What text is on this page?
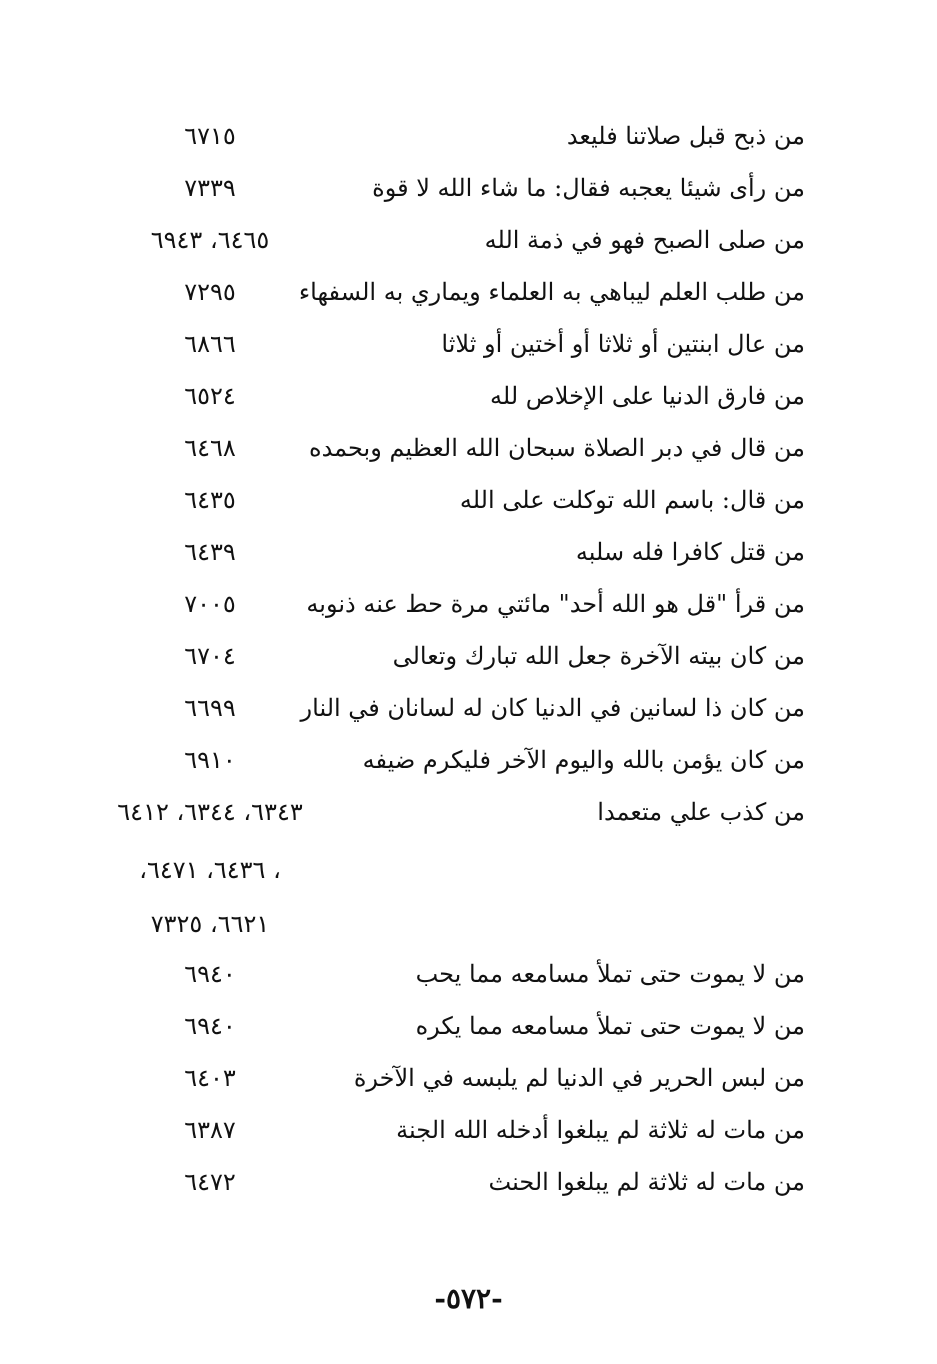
من ذبح قبل صلاتنا فليعد
٦٧١٥
من رأى شيئا يعجبه فقال: ما شاء الله لا قوة
٧٣٣٩
من صلى الصبح فهو في ذمة الله
٦٤٦٥، ٦٩٤٣
من طلب العلم ليباهي به العلماء ويماري به السفهاء
٧٢٩٥
من عال ابنتين أو ثلاثا أو أختين أو ثلاثا
٦٨٦٦
من فارق الدنيا على الإخلاص لله
٦٥٢٤
من قال في دبر الصلاة سبحان الله العظيم وبحمده
٦٤٦٨
من قال: باسم الله توكلت على الله
٦٤٣٥
من قتل كافرا فله سلبه
٦٤٣٩
من قرأ "قل هو الله أحد" مائتي مرة حط عنه ذنوبه
٧٠٠٥
من كان بيته الآخرة جعل الله تبارك وتعالى
٦٧٠٤
من كان ذا لسانين في الدنيا كان له لسانان في النار
٦٦٩٩
من كان يؤمن بالله واليوم الآخر فليكرم ضيفه
٦٩١٠
من كذب علي متعمدا
٦٣٤٣، ٦٣٤٤، ٦٤١٢
، ٦٤٣٦، ٦٤٧١،
٦٦٢١، ٧٣٢٥
من لا يموت حتى تملأ مسامعه مما يحب
٦٩٤٠
من لا يموت حتى تملأ مسامعه مما يكره
٦٩٤٠
من لبس الحرير في الدنيا لم يلبسه في الآخرة
٦٤٠٣
من مات له ثلاثة لم يبلغوا أدخله الله الجنة
٦٣٨٧
من مات له ثلاثة لم يبلغوا الحنث
٦٤٧٢
-٥٧٢-
